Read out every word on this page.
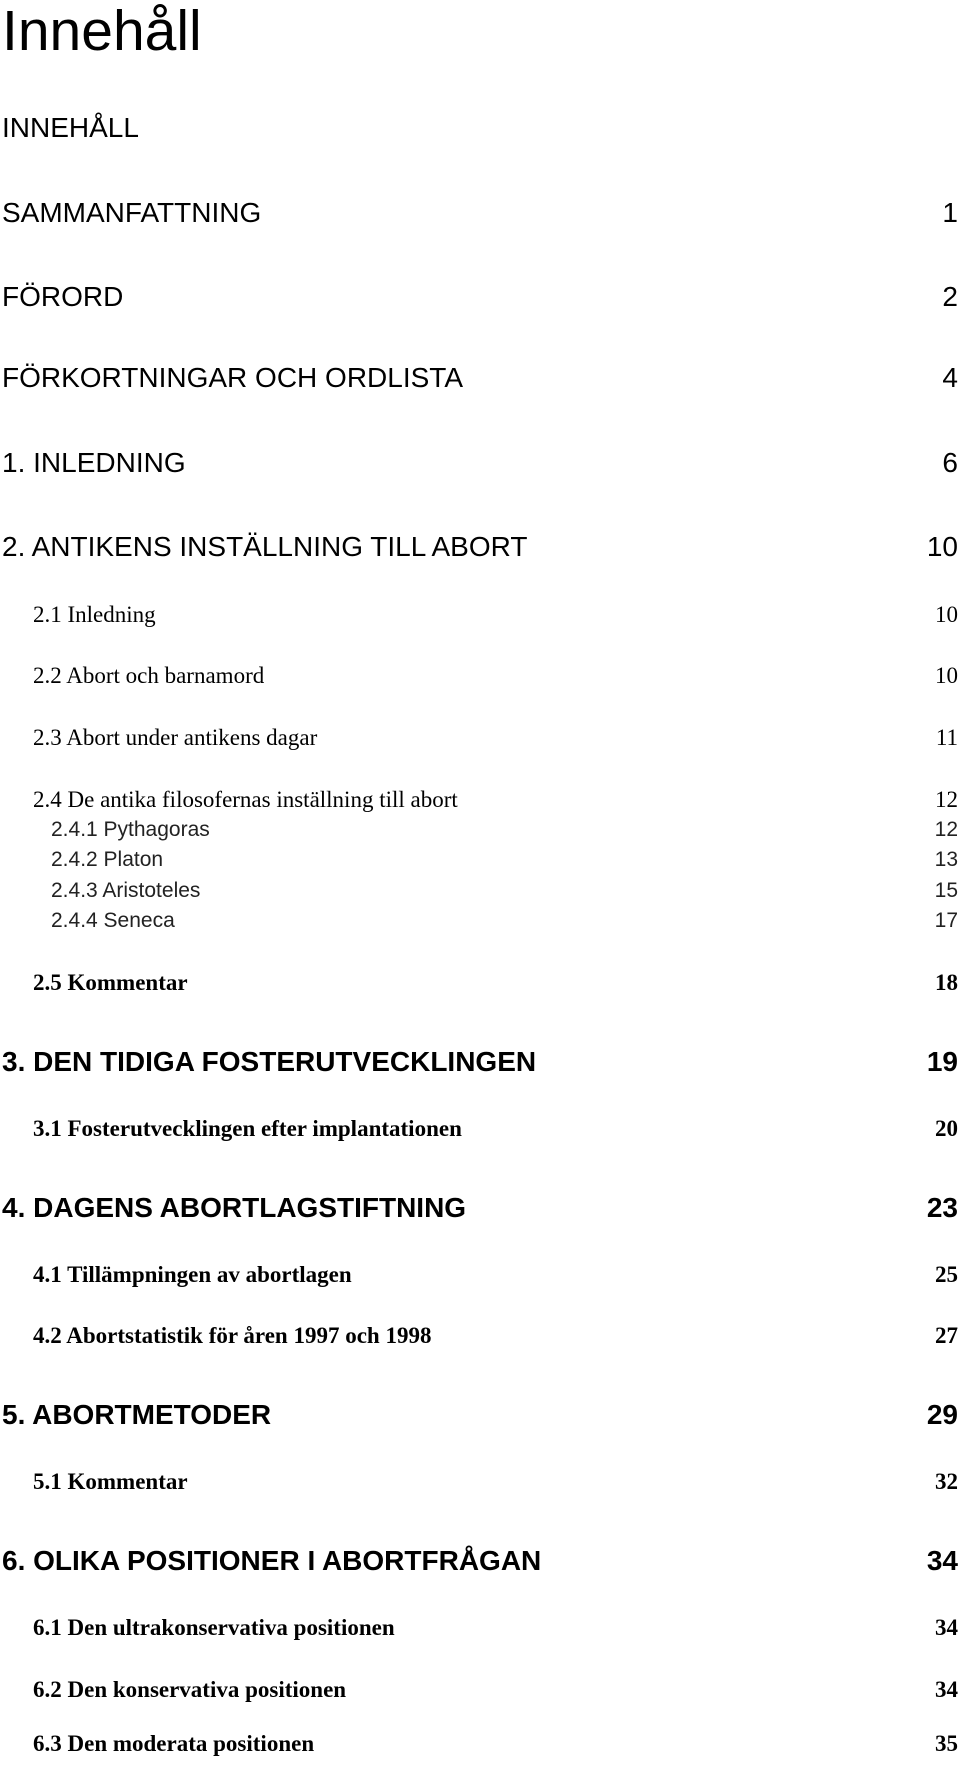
Innehåll
INNEHÅLL
SAMMANFATTNING	1
FÖRORD	2
FÖRKORTNINGAR OCH ORDLISTA	4
1. INLEDNING	6
2. ANTIKENS INSTÄLLNING TILL ABORT	10
2.1 Inledning	10
2.2 Abort och barnamord	10
2.3 Abort under antikens dagar	11
2.4 De antika filosofernas inställning till abort	12
2.4.1 Pythagoras	12
2.4.2 Platon	13
2.4.3 Aristoteles	15
2.4.4 Seneca	17
2.5 Kommentar	18
3. DEN TIDIGA FOSTERUTVECKLINGEN	19
3.1 Fosterutvecklingen efter implantationen	20
4. DAGENS ABORTLAGSTIFTNING	23
4.1 Tillämpningen av abortlagen	25
4.2 Abortstatistik för åren 1997 och 1998	27
5. ABORTMETODER	29
5.1 Kommentar	32
6. OLIKA POSITIONER I ABORTFRÅGAN	34
6.1 Den ultrakonservativa positionen	34
6.2 Den konservativa positionen	34
6.3 Den moderata positionen	35
